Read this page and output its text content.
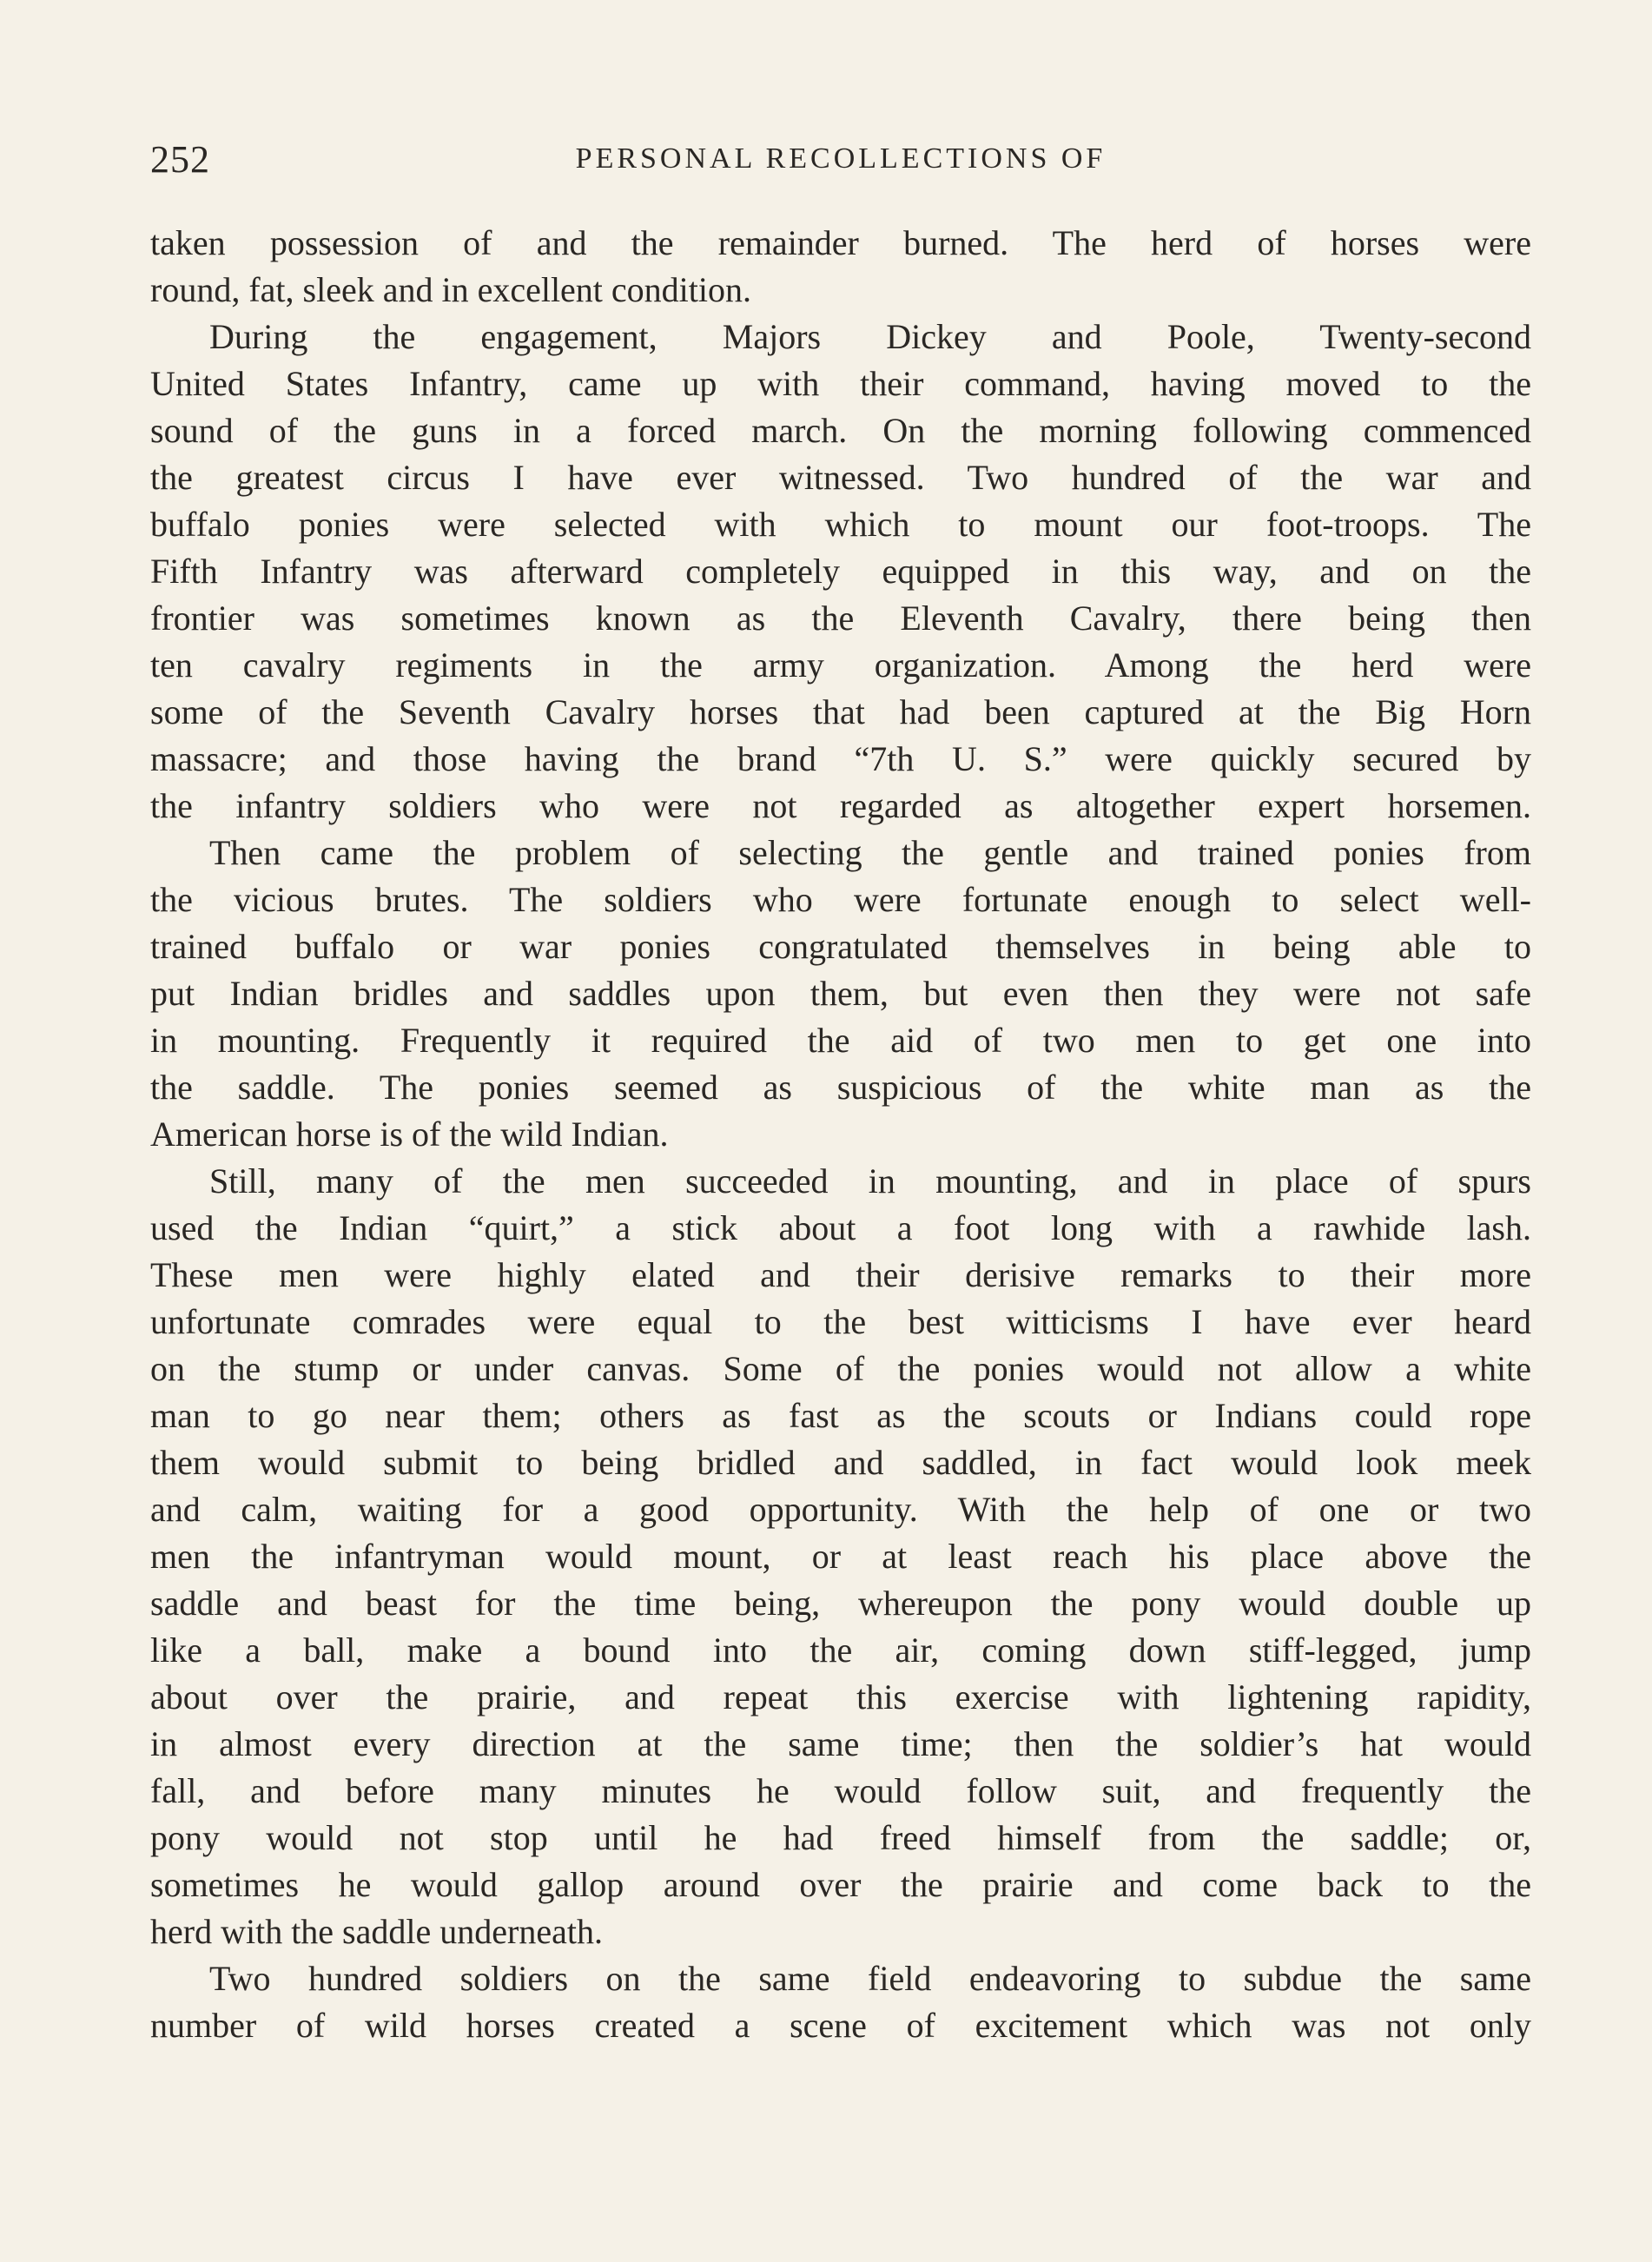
252	PERSONAL RECOLLECTIONS OF
taken possession of and the remainder burned. The herd of horses were
round, fat, sleek and in excellent condition.
During the engagement, Majors Dickey and Poole, Twenty-second
United States Infantry, came up with their command, having moved to the
sound of the guns in a forced march. On the morning following commenced
the greatest circus I have ever witnessed. Two hundred of the war and
buffalo ponies were selected with which to mount our foot-troops. The
Fifth Infantry was afterward completely equipped in this way, and on the
frontier was sometimes known as the Eleventh Cavalry, there being then
ten cavalry regiments in the army organization. Among the herd were
some of the Seventh Cavalry horses that had been captured at the Big Horn
massacre; and those having the brand “7th U. S.” were quickly secured by
the infantry soldiers who were not regarded as altogether expert horsemen.
Then came the problem of selecting the gentle and trained ponies from
the vicious brutes. The soldiers who were fortunate enough to select well-
trained buffalo or war ponies congratulated themselves in being able to
put Indian bridles and saddles upon them, but even then they were not safe
in mounting. Frequently it required the aid of two men to get one into
the saddle. The ponies seemed as suspicious of the white man as the
American horse is of the wild Indian.
Still, many of the men succeeded in mounting, and in place of spurs
used the Indian “quirt,” a stick about a foot long with a rawhide lash.
These men were highly elated and their derisive remarks to their more
unfortunate comrades were equal to the best witticisms I have ever heard
on the stump or under canvas. Some of the ponies would not allow a white
man to go near them; others as fast as the scouts or Indians could rope
them would submit to being bridled and saddled, in fact would look meek
and calm, waiting for a good opportunity. With the help of one or two
men the infantryman would mount, or at least reach his place above the
saddle and beast for the time being, whereupon the pony would double up
like a ball, make a bound into the air, coming down stiff-legged, jump
about over the prairie, and repeat this exercise with lightening rapidity,
in almost every direction at the same time; then the soldier’s hat would
fall, and before many minutes he would follow suit, and frequently the
pony would not stop until he had freed himself from the saddle; or,
sometimes he would gallop around over the prairie and come back to the
herd with the saddle underneath.
Two hundred soldiers on the same field endeavoring to subdue the same
number of wild horses created a scene of excitement which was not only
